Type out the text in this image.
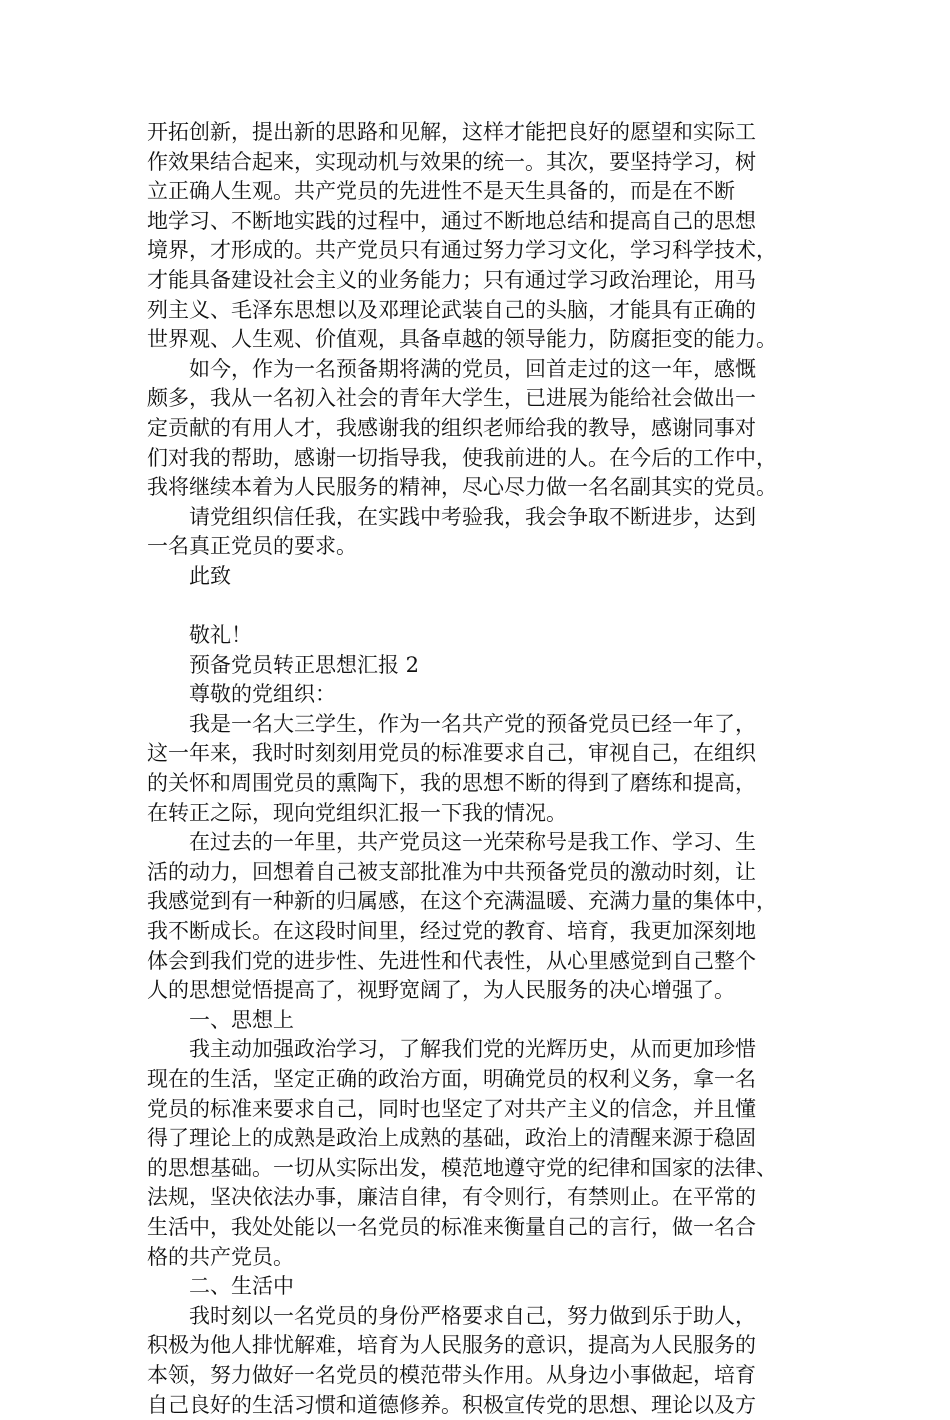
开拓创新，提出新的思路和见解，这样才能把良好的愿望和实际工
作效果结合起来，实现动机与效果的统一。其次，要坚持学习，树
立正确人生观。共产党员的先进性不是天生具备的，而是在不断
地学习、不断地实践的过程中，通过不断地总结和提高自己的思想
境界，才形成的。共产党员只有通过努力学习文化，学习科学技术，
才能具备建设社会主义的业务能力；只有通过学习政治理论，用马
列主义、毛泽东思想以及邓理论武装自己的头脑，才能具有正确的
世界观、人生观、价值观，具备卓越的领导能力，防腐拒变的能力。
　　如今，作为一名预备期将满的党员，回首走过的这一年，感慨
颇多，我从一名初入社会的青年大学生，已进展为能给社会做出一
定贡献的有用人才，我感谢我的组织老师给我的教导，感谢同事对
们对我的帮助，感谢一切指导我，使我前进的人。在今后的工作中，
我将继续本着为人民服务的精神，尽心尽力做一名名副其实的党员。
　　请党组织信任我，在实践中考验我，我会争取不断进步，达到
一名真正党员的要求。
　　此致
　　敬礼！
　　预备党员转正思想汇报 2
　　尊敬的党组织：
　　我是一名大三学生，作为一名共产党的预备党员已经一年了，
这一年来，我时时刻刻用党员的标准要求自己，审视自己，在组织
的关怀和周围党员的熏陶下，我的思想不断的得到了磨练和提高，
在转正之际，现向党组织汇报一下我的情况。
　　在过去的一年里，共产党员这一光荣称号是我工作、学习、生
活的动力，回想着自己被支部批准为中共预备党员的激动时刻，让
我感觉到有一种新的归属感，在这个充满温暖、充满力量的集体中，
我不断成长。在这段时间里，经过党的教育、培育，我更加深刻地
体会到我们党的进步性、先进性和代表性，从心里感觉到自己整个
人的思想觉悟提高了，视野宽阔了，为人民服务的决心增强了。
　　一、思想上
　　我主动加强政治学习，了解我们党的光辉历史，从而更加珍惜
现在的生活，坚定正确的政治方面，明确党员的权利义务，拿一名
党员的标准来要求自己，同时也坚定了对共产主义的信念，并且懂
得了理论上的成熟是政治上成熟的基础，政治上的清醒来源于稳固
的思想基础。一切从实际出发，模范地遵守党的纪律和国家的法律、
法规，坚决依法办事，廉洁自律，有令则行，有禁则止。在平常的
生活中，我处处能以一名党员的标准来衡量自己的言行，做一名合
格的共产党员。
　　二、生活中
　　我时刻以一名党员的身份严格要求自己，努力做到乐于助人，
积极为他人排忧解难，培育为人民服务的意识，提高为人民服务的
本领，努力做好一名党员的模范带头作用。从身边小事做起，培育
自己良好的生活习惯和道德修养。积极宣传党的思想、理论以及方
